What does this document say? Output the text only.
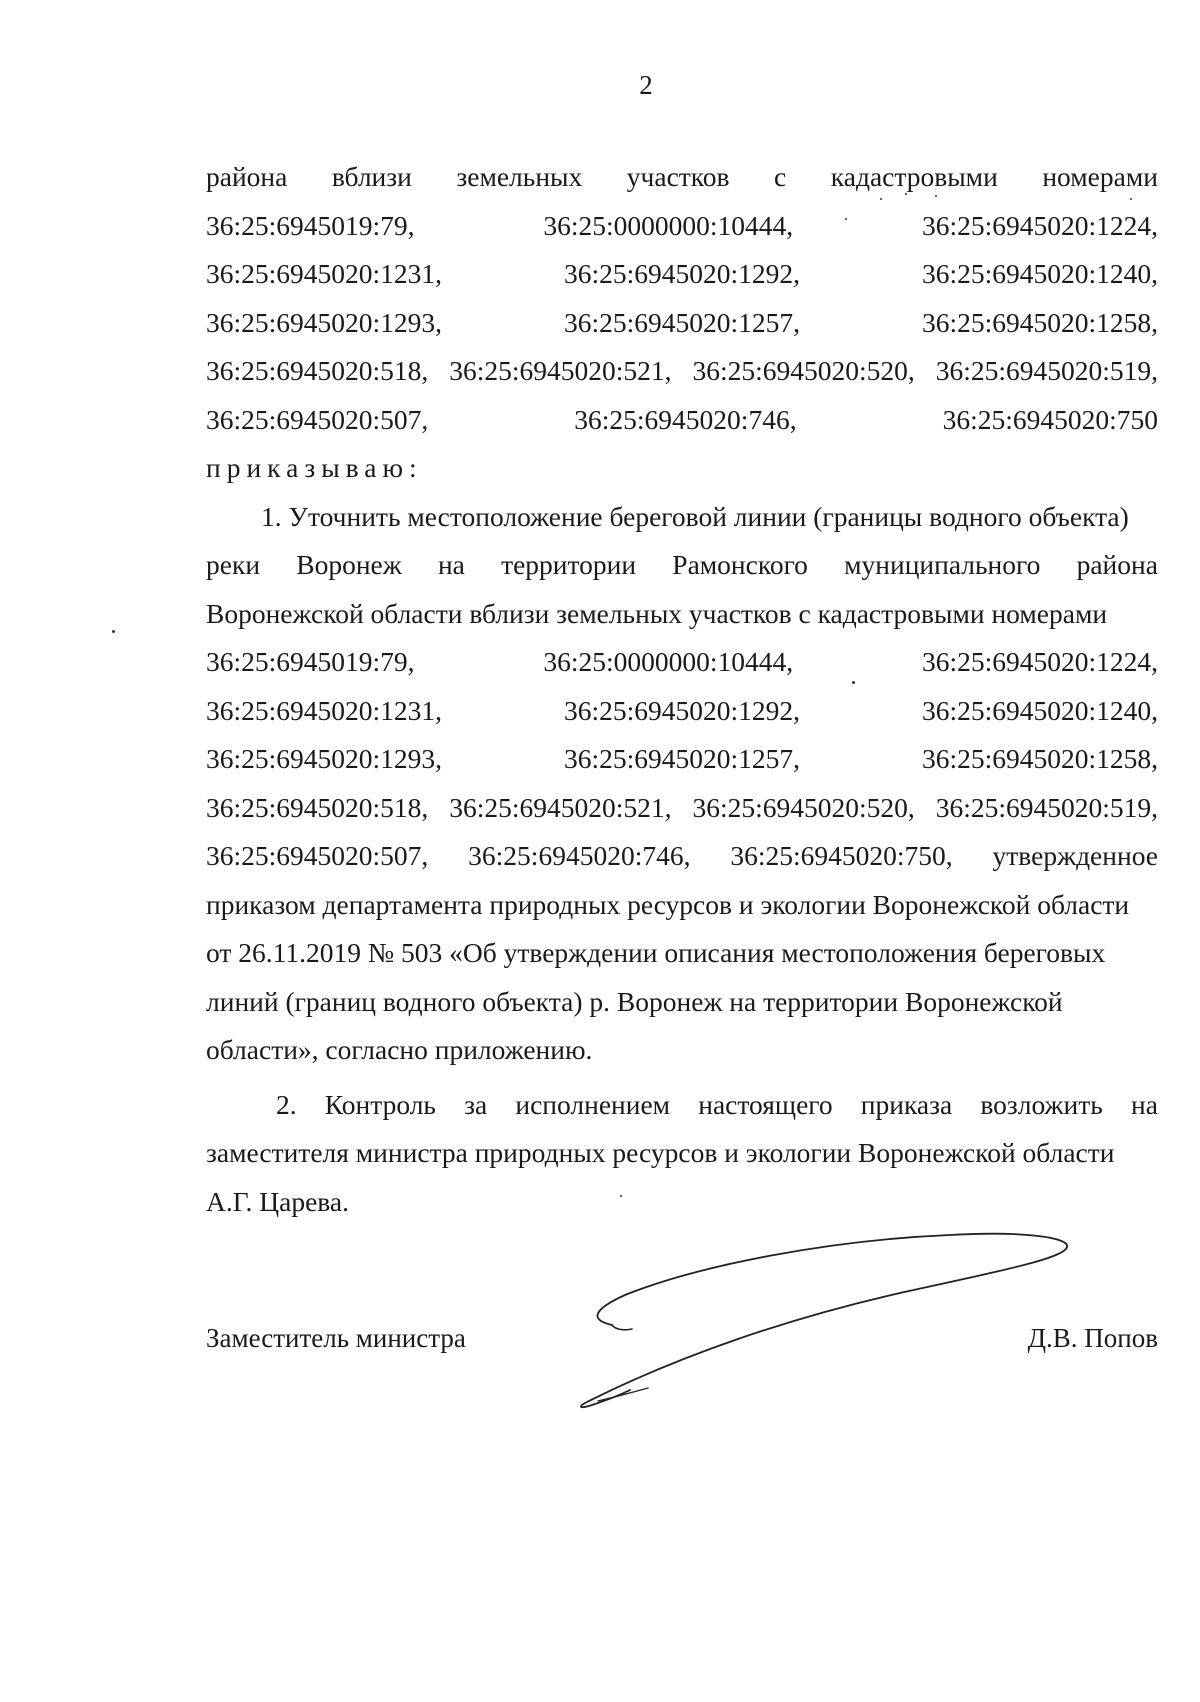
2
района вблизи земельных участков с кадастровыми номерами
36:25:6945019:79,	36:25:0000000:10444,	36:25:6945020:1224,
36:25:6945020:1231,	36:25:6945020:1292,	36:25:6945020:1240,
36:25:6945020:1293,	36:25:6945020:1257,	36:25:6945020:1258,
36:25:6945020:518, 36:25:6945020:521, 36:25:6945020:520, 36:25:6945020:519,
36:25:6945020:507,	36:25:6945020:746,	36:25:6945020:750
приказываю:
1. Уточнить местоположение береговой линии (границы водного объекта)
реки Воронеж на территории Рамонского муниципального района
Воронежской области вблизи земельных участков с кадастровыми номерами
36:25:6945019:79,	36:25:0000000:10444,	36:25:6945020:1224,
36:25:6945020:1231,	36:25:6945020:1292,	36:25:6945020:1240,
36:25:6945020:1293,	36:25:6945020:1257,	36:25:6945020:1258,
36:25:6945020:518, 36:25:6945020:521, 36:25:6945020:520, 36:25:6945020:519,
36:25:6945020:507, 36:25:6945020:746, 36:25:6945020:750, утвержденное
приказом департамента природных ресурсов и экологии Воронежской области
от 26.11.2019 № 503 «Об утверждении описания местоположения береговых
линий (границ водного объекта) р. Воронеж на территории Воронежской
области», согласно приложению.
2. Контроль за исполнением настоящего приказа возложить на
заместителя министра природных ресурсов и экологии Воронежской области
А.Г. Царева.
Заместитель министра	Д.В. Попов
